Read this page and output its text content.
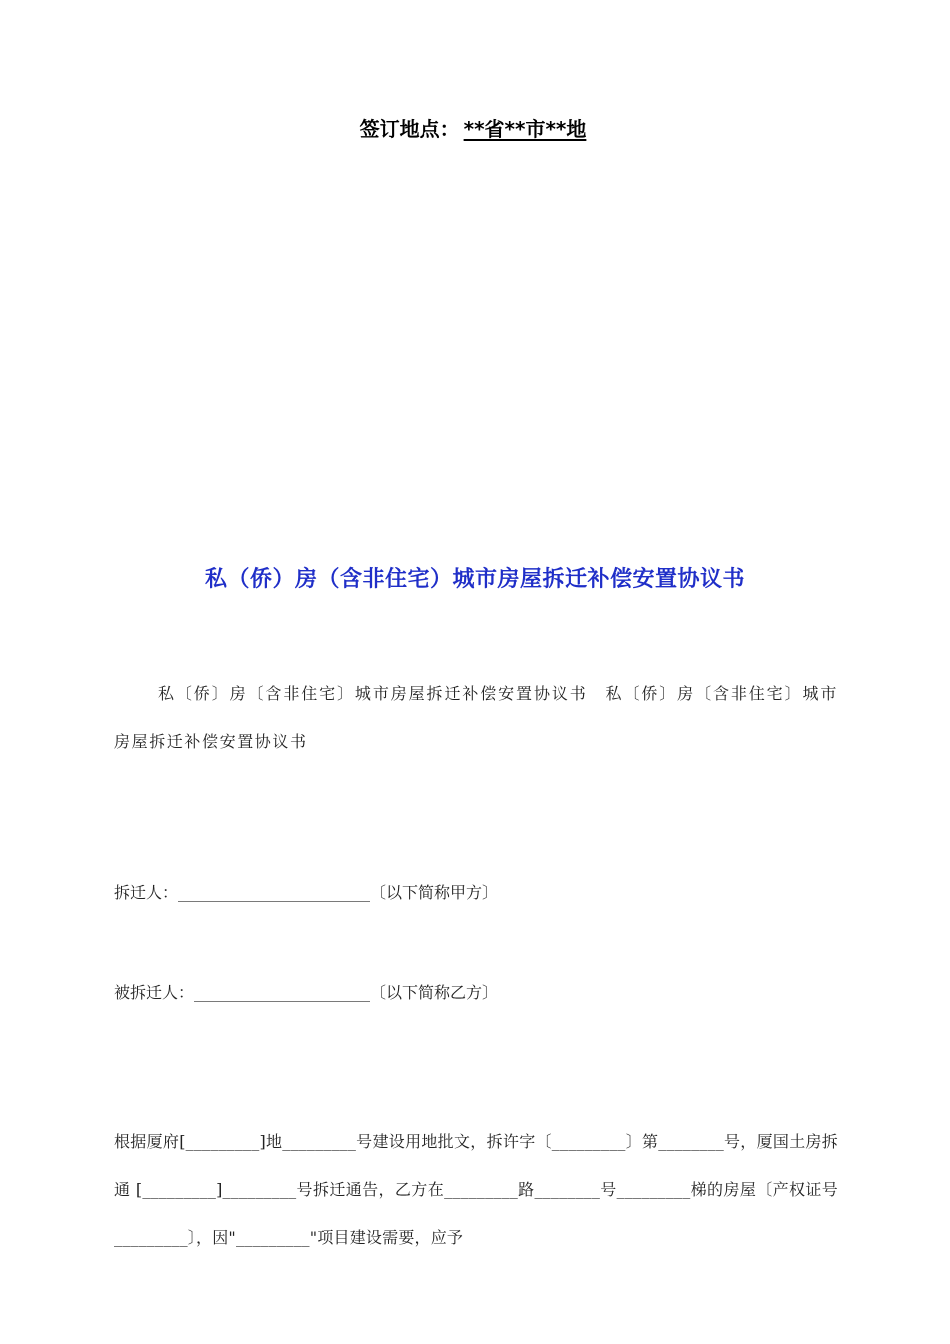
签订地点： **省**市**地
私（侨）房（含非住宅）城市房屋拆迁补偿安置协议书
私〔侨〕房〔含非住宅〕城市房屋拆迁补偿安置协议书　私〔侨〕房〔含非住宅〕城市房屋拆迁补偿安置协议书
拆迁人：________________________〔以下简称甲方〕
被拆迁人：______________________〔以下简称乙方〕
根据厦府[_________]地_________号建设用地批文，拆许字〔_________〕第________号，厦国土房拆通 [_________]_________号拆迁通告，乙方在_________路________号_________梯的房屋〔产权证号 _________〕，因"_________"项目建设需要，应予
